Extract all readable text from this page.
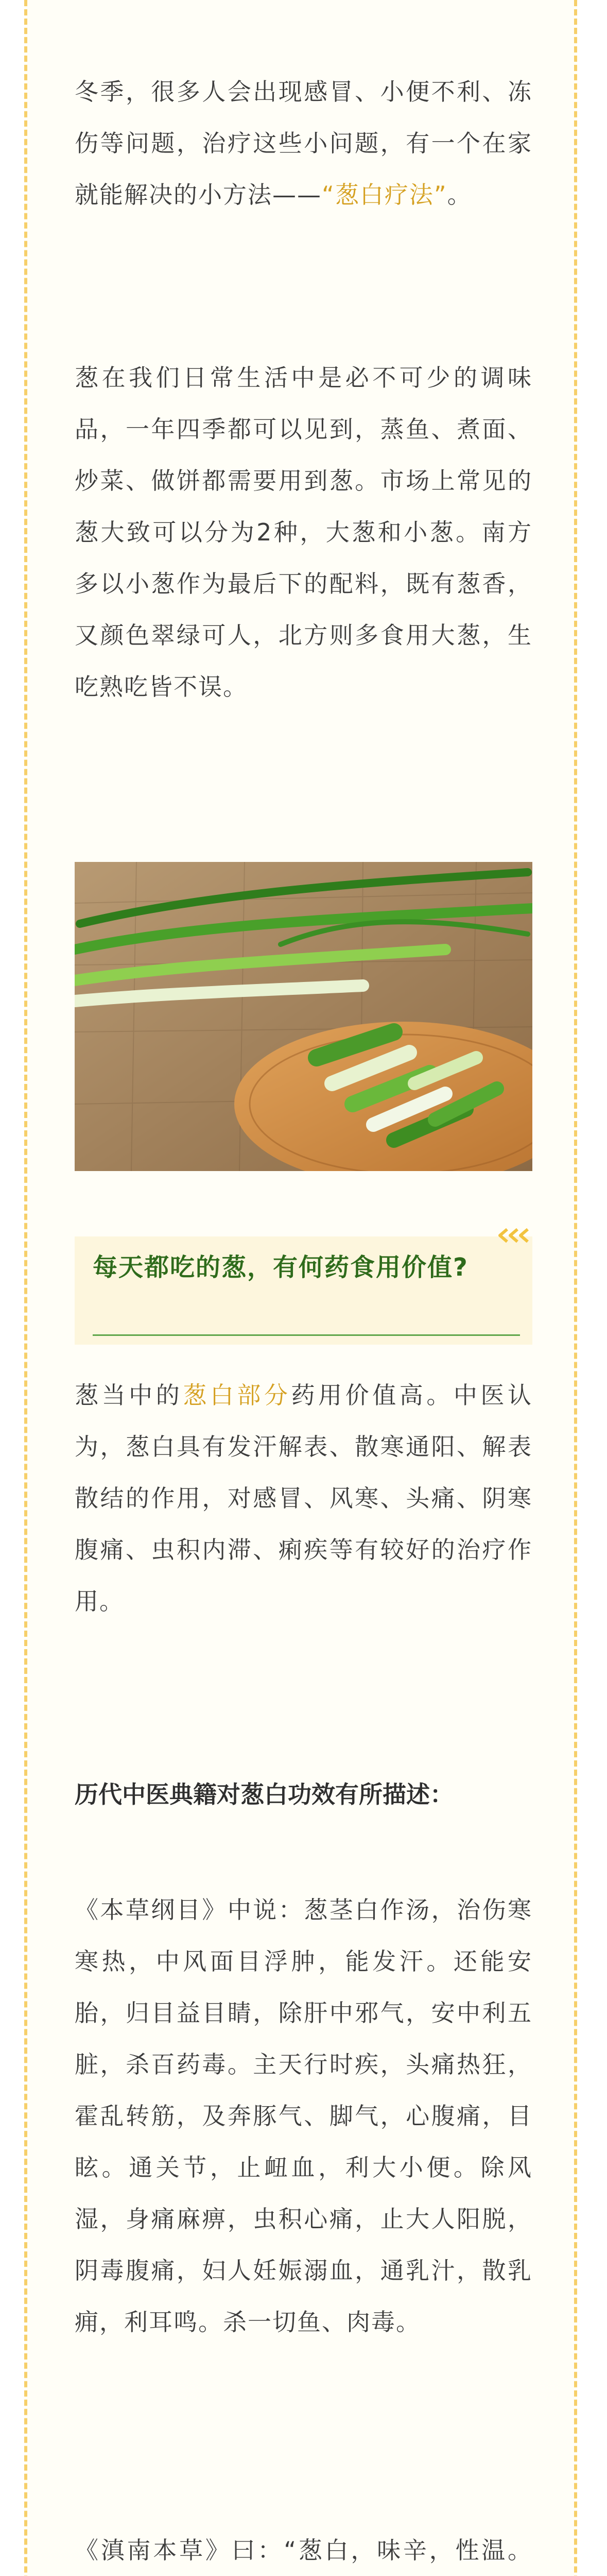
冬季，很多人会出现感冒、小便不利、冻伤等问题，治疗这些小问题，有一个在家就能解决的小方法——“葱白疗法”。

葱在我们日常生活中是必不可少的调味品，一年四季都可以见到，蒸鱼、煮面、炒菜、做饼都需要用到葱。市场上常见的葱大致可以分为2种，大葱和小葱。南方多以小葱作为最后下的配料，既有葱香，又颜色翠绿可人，北方则多食用大葱，生吃熟吃皆不误。

每天都吃的葱，有何药食用价值?

葱当中的葱白部分药用价值高。中医认为，葱白具有发汗解表、散寒通阳、解表散结的作用，对感冒、风寒、头痛、阴寒腹痛、虫积内滞、痢疾等有较好的治疗作用。

历代中医典籍对葱白功效有所描述：

《本草纲目》中说：葱茎白作汤，治伤寒寒热，中风面目浮肿，能发汗。还能安胎，归目益目睛，除肝中邪气，安中利五脏，杀百药毒。主天行时疾，头痛热狂，霍乱转筋，及奔豚气、脚气，心腹痛，目眩。通关节，止衄血，利大小便。除风湿，身痛麻痹，虫积心痛，止大人阳脱，阴毒腹痛，妇人妊娠溺血，通乳汁，散乳痈，利耳鸣。杀一切鱼、肉毒。

《滇南本草》曰：“葱白，味辛，性温。
